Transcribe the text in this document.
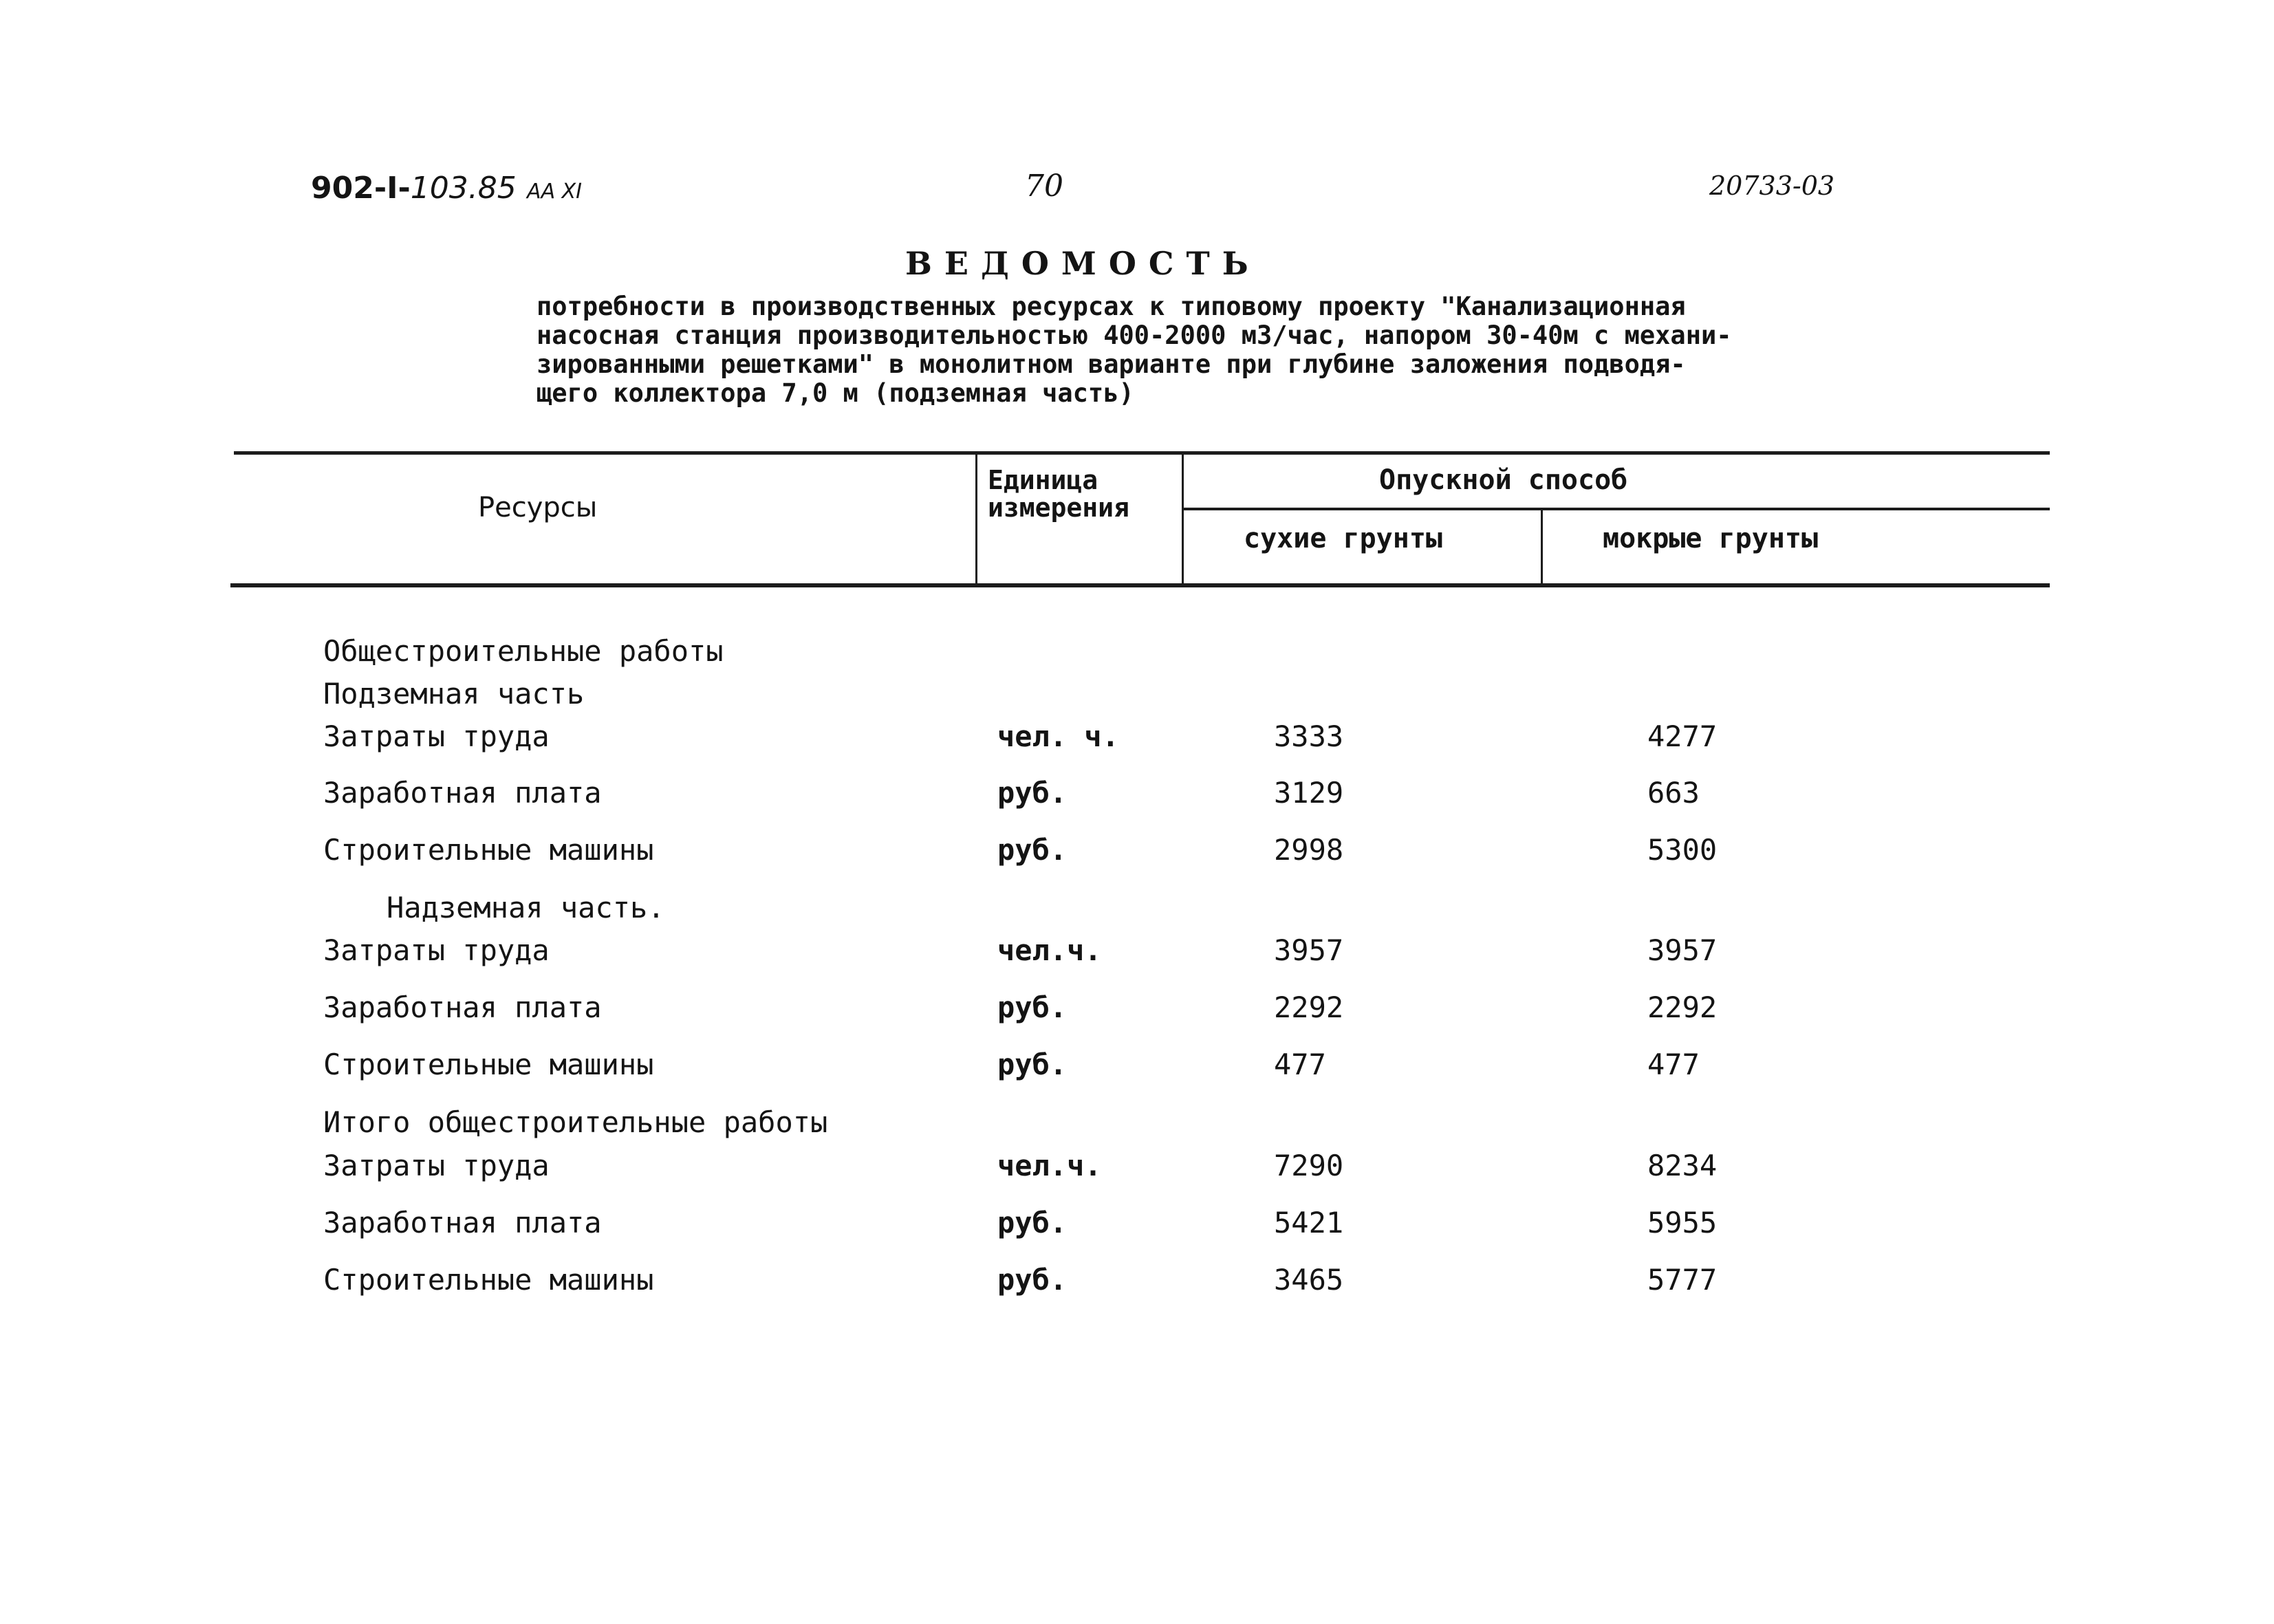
902-I-103.85 АА XI	70	20733-03
ВЕДОМОСТЬ
потребности в производственных ресурсах к типовому проекту "Канализационная
насосная станция производительностью 400-2000 м3/час, напором 30-40м с механи-
зированными решетками" в монолитном варианте при глубине заложения подводя-
щего коллектора 7,0 м (подземная часть)
Ресурсы
Единица
измерения
Опускной способ
сухие грунты	мокрые грунты
Общестроительные работы
Подземная часть
Затраты труда	чел. ч.	3333	4277
Заработная плата	руб.	3129	663
Строительные машины	руб.	2998	5300
Надземная часть.
Затраты труда	чел.ч.	3957	3957
Заработная плата	руб.	2292	2292
Строительные машины	руб.	477	477
Итого общестроительные работы
Затраты труда	чел.ч.	7290	8234
Заработная плата	руб.	5421	5955
Строительные машины	руб.	3465	5777
